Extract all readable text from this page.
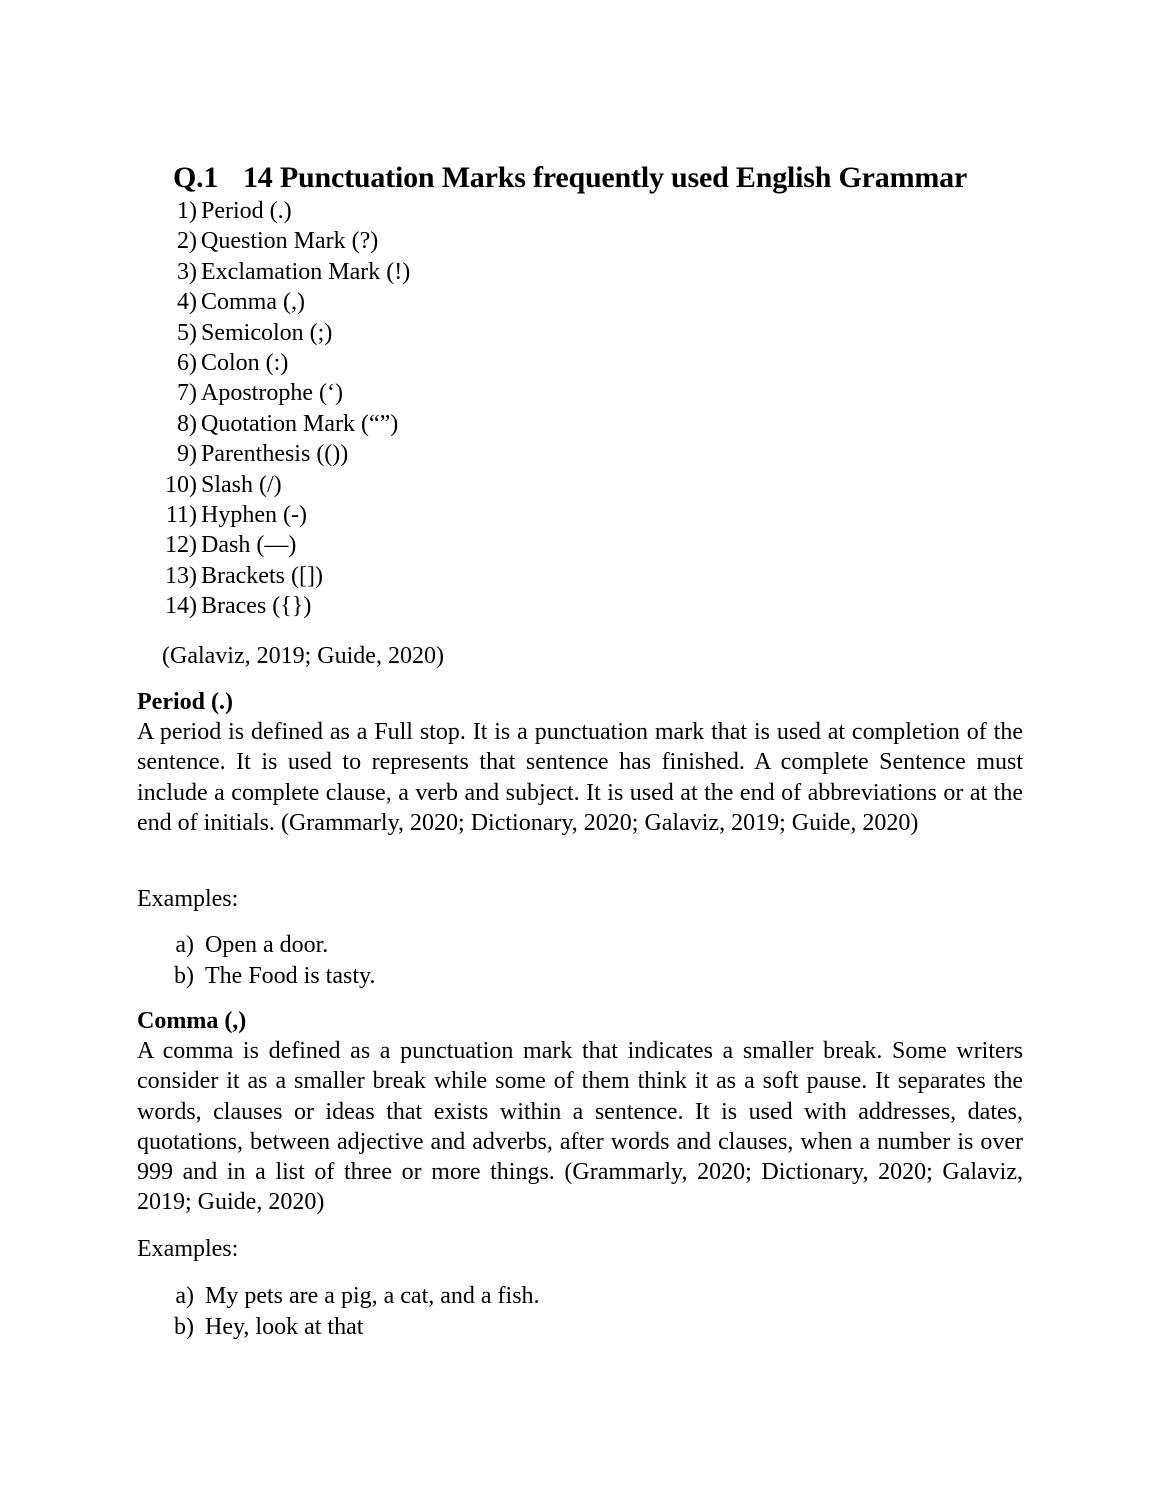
Q.1 14 Punctuation Marks frequently used English Grammar
1) Period (.)
2) Question Mark (?)
3) Exclamation Mark (!)
4) Comma (,)
5) Semicolon (;)
6) Colon (:)
7) Apostrophe (‘)
8) Quotation Mark (“”)
9) Parenthesis (())
10) Slash (/)
11) Hyphen (-)
12) Dash (—)
13) Brackets ([])
14) Braces ({})
(Galaviz, 2019; Guide, 2020)

Period (.)

A period is defined as a Full stop. It is a punctuation mark that is used at completion of the sentence. It is used to represents that sentence has finished. A complete Sentence must include a complete clause, a verb and subject. It is used at the end of abbreviations or at the end of initials. (Grammarly, 2020; Dictionary, 2020; Galaviz, 2019; Guide, 2020)

Examples:

a) Open a door.
b) The Food is tasty.

Comma (,)

A comma is defined as a punctuation mark that indicates a smaller break. Some writers consider it as a smaller break while some of them think it as a soft pause. It separates the words, clauses or ideas that exists within a sentence. It is used with addresses, dates, quotations, between adjective and adverbs, after words and clauses, when a number is over 999 and in a list of three or more things. (Grammarly, 2020; Dictionary, 2020; Galaviz, 2019; Guide, 2020)

Examples:

a) My pets are a pig, a cat, and a fish.
b) Hey, look at that
